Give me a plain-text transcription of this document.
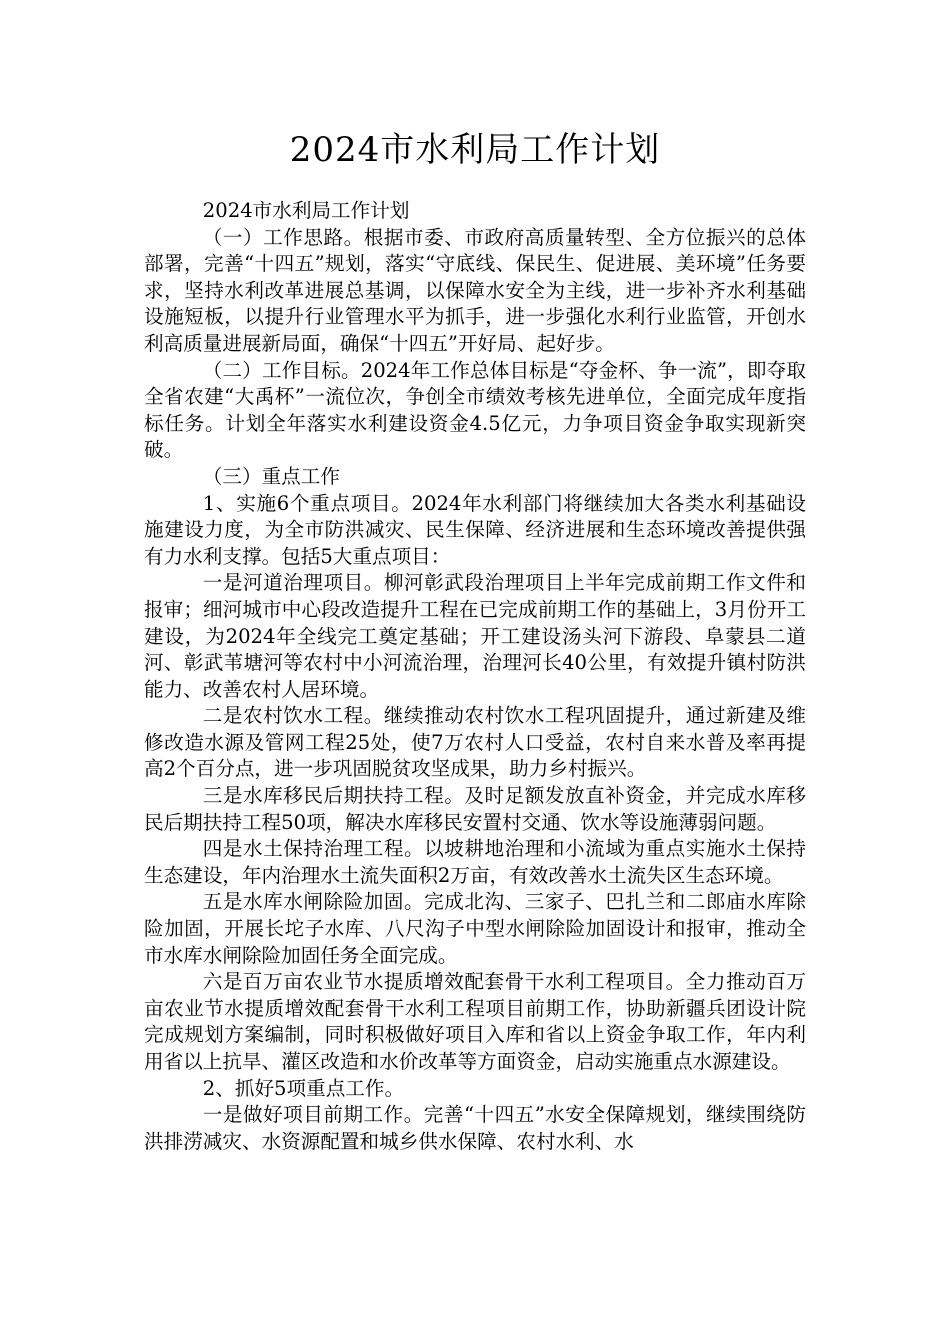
2024市水利局工作计划

2024市水利局工作计划

（一）工作思路。根据市委、市政府高质量转型、全方位振兴的总体部署，完善“十四五”规划，落实“守底线、保民生、促进展、美环境”任务要求，坚持水利改革进展总基调，以保障水安全为主线，进一步补齐水利基础设施短板，以提升行业管理水平为抓手，进一步强化水利行业监管，开创水利高质量进展新局面，确保“十四五”开好局、起好步。

（二）工作目标。2024年工作总体目标是“夺金杯、争一流”，即夺取全省农建“大禹杯”一流位次，争创全市绩效考核先进单位，全面完成年度指标任务。计划全年落实水利建设资金4.5亿元，力争项目资金争取实现新突破。

（三）重点工作

1、实施6个重点项目。2024年水利部门将继续加大各类水利基础设施建设力度，为全市防洪减灾、民生保障、经济进展和生态环境改善提供强有力水利支撑。包括5大重点项目：

一是河道治理项目。柳河彰武段治理项目上半年完成前期工作文件和报审；细河城市中心段改造提升工程在已完成前期工作的基础上，3月份开工建设，为2024年全线完工奠定基础；开工建设汤头河下游段、阜蒙县二道河、彰武苇塘河等农村中小河流治理，治理河长40公里，有效提升镇村防洪能力、改善农村人居环境。

二是农村饮水工程。继续推动农村饮水工程巩固提升，通过新建及维修改造水源及管网工程25处，使7万农村人口受益，农村自来水普及率再提高2个百分点，进一步巩固脱贫攻坚成果，助力乡村振兴。

三是水库移民后期扶持工程。及时足额发放直补资金，并完成水库移民后期扶持工程50项，解决水库移民安置村交通、饮水等设施薄弱问题。

四是水土保持治理工程。以坡耕地治理和小流域为重点实施水土保持生态建设，年内治理水土流失面积2万亩，有效改善水土流失区生态环境。

五是水库水闸除险加固。完成北沟、三家子、巴扎兰和二郎庙水库除险加固，开展长坨子水库、八尺沟子中型水闸除险加固设计和报审，推动全市水库水闸除险加固任务全面完成。

六是百万亩农业节水提质增效配套骨干水利工程项目。全力推动百万亩农业节水提质增效配套骨干水利工程项目前期工作，协助新疆兵团设计院完成规划方案编制，同时积极做好项目入库和省以上资金争取工作，年内利用省以上抗旱、灌区改造和水价改革等方面资金，启动实施重点水源建设。

2、抓好5项重点工作。

一是做好项目前期工作。完善“十四五”水安全保障规划，继续围绕防洪排涝减灾、水资源配置和城乡供水保障、农村水利、水
